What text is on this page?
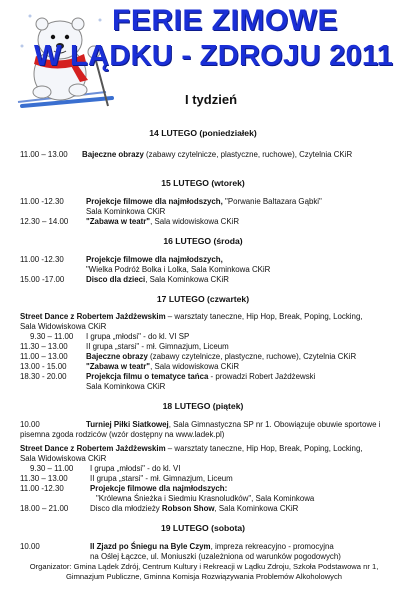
FERIE ZIMOWE
W LĄDKU - ZDROJU 2011
I tydzień
14 LUTEGO (poniedziałek)
11.00 – 13.00 Bajeczne obrazy (zabawy czytelnicze, plastyczne, ruchowe), Czytelnia CKiR
15 LUTEGO (wtorek)
11.00 -12.30	Projekcje filmowe dla najmłodszych, "Porwanie Baltazara Gąbki"
Sala Kominkowa CKiR
12.30 – 14.00 "Zabawa w teatr", Sala widowiskowa CKiR
16 LUTEGO (środa)
11.00 -12.30	Projekcje filmowe dla najmłodszych,
"Wielka Podróż Bolka i Lolka, Sala Kominkowa CKiR
15.00 -17.00	Disco dla dzieci, Sala Kominkowa CKiR
17 LUTEGO (czwartek)
Street Dance z Robertem Jażdżewskim – warsztaty taneczne, Hip Hop, Break, Poping, Locking,
Sala Widowiskowa CKiR
9.30 – 11.00 I grupa „młodsi" - do kl. VI SP
11.30 – 13.00 II grupa „starsi" - mł. Gimnazjum, Liceum
11.00 – 13.00 Bajeczne obrazy (zabawy czytelnicze, plastyczne, ruchowe), Czytelnia CKiR
13.00 - 15.00 "Zabawa w teatr", Sala widowiskowa CKiR
18.30 - 20.00 Projekcja filmu o tematyce tańca - prowadzi Robert Jażdżewski
Sala Kominkowa CKiR
18 LUTEGO (piątek)
10.00	Turniej Piłki Siatkowej, Sala Gimnastyczna SP nr 1. Obowiązuje obuwie sportowe i
pisemna zgoda rodziców (wzór dostępny na www.ladek.pl)
Street Dance z Robertem Jażdżewskim – warsztaty taneczne, Hip Hop, Break, Poping, Locking,
Sala Widowiskowa CKiR
9.30 – 11.00 I grupa „młodsi" - do kl. VI
11.30 – 13.00	II grupa „starsi" - mł. Gimnazjum, Liceum
11.00 -12.30	Projekcje filmowe dla najmłodszych:
"Królewna Śnieżka i Siedmiu Krasnoludków", Sala Kominkowa
18.00 – 21.00	Disco dla młodzieży Robson Show, Sala Kominkowa CKiR
19 LUTEGO (sobota)
10.00	II Zjazd po Śniegu na Byle Czym, impreza rekreacyjno - promocyjna
na Oślej Łączce, ul. Moniuszki (uzależniona od warunków pogodowych)
Organizator: Gmina Lądek Zdrój, Centrum Kultury i Rekreacji w Lądku Zdroju, Szkoła Podstawowa nr 1,
Gimnazjum Publiczne, Gminna Komisja Rozwiązywania Problemów Alkoholowych
